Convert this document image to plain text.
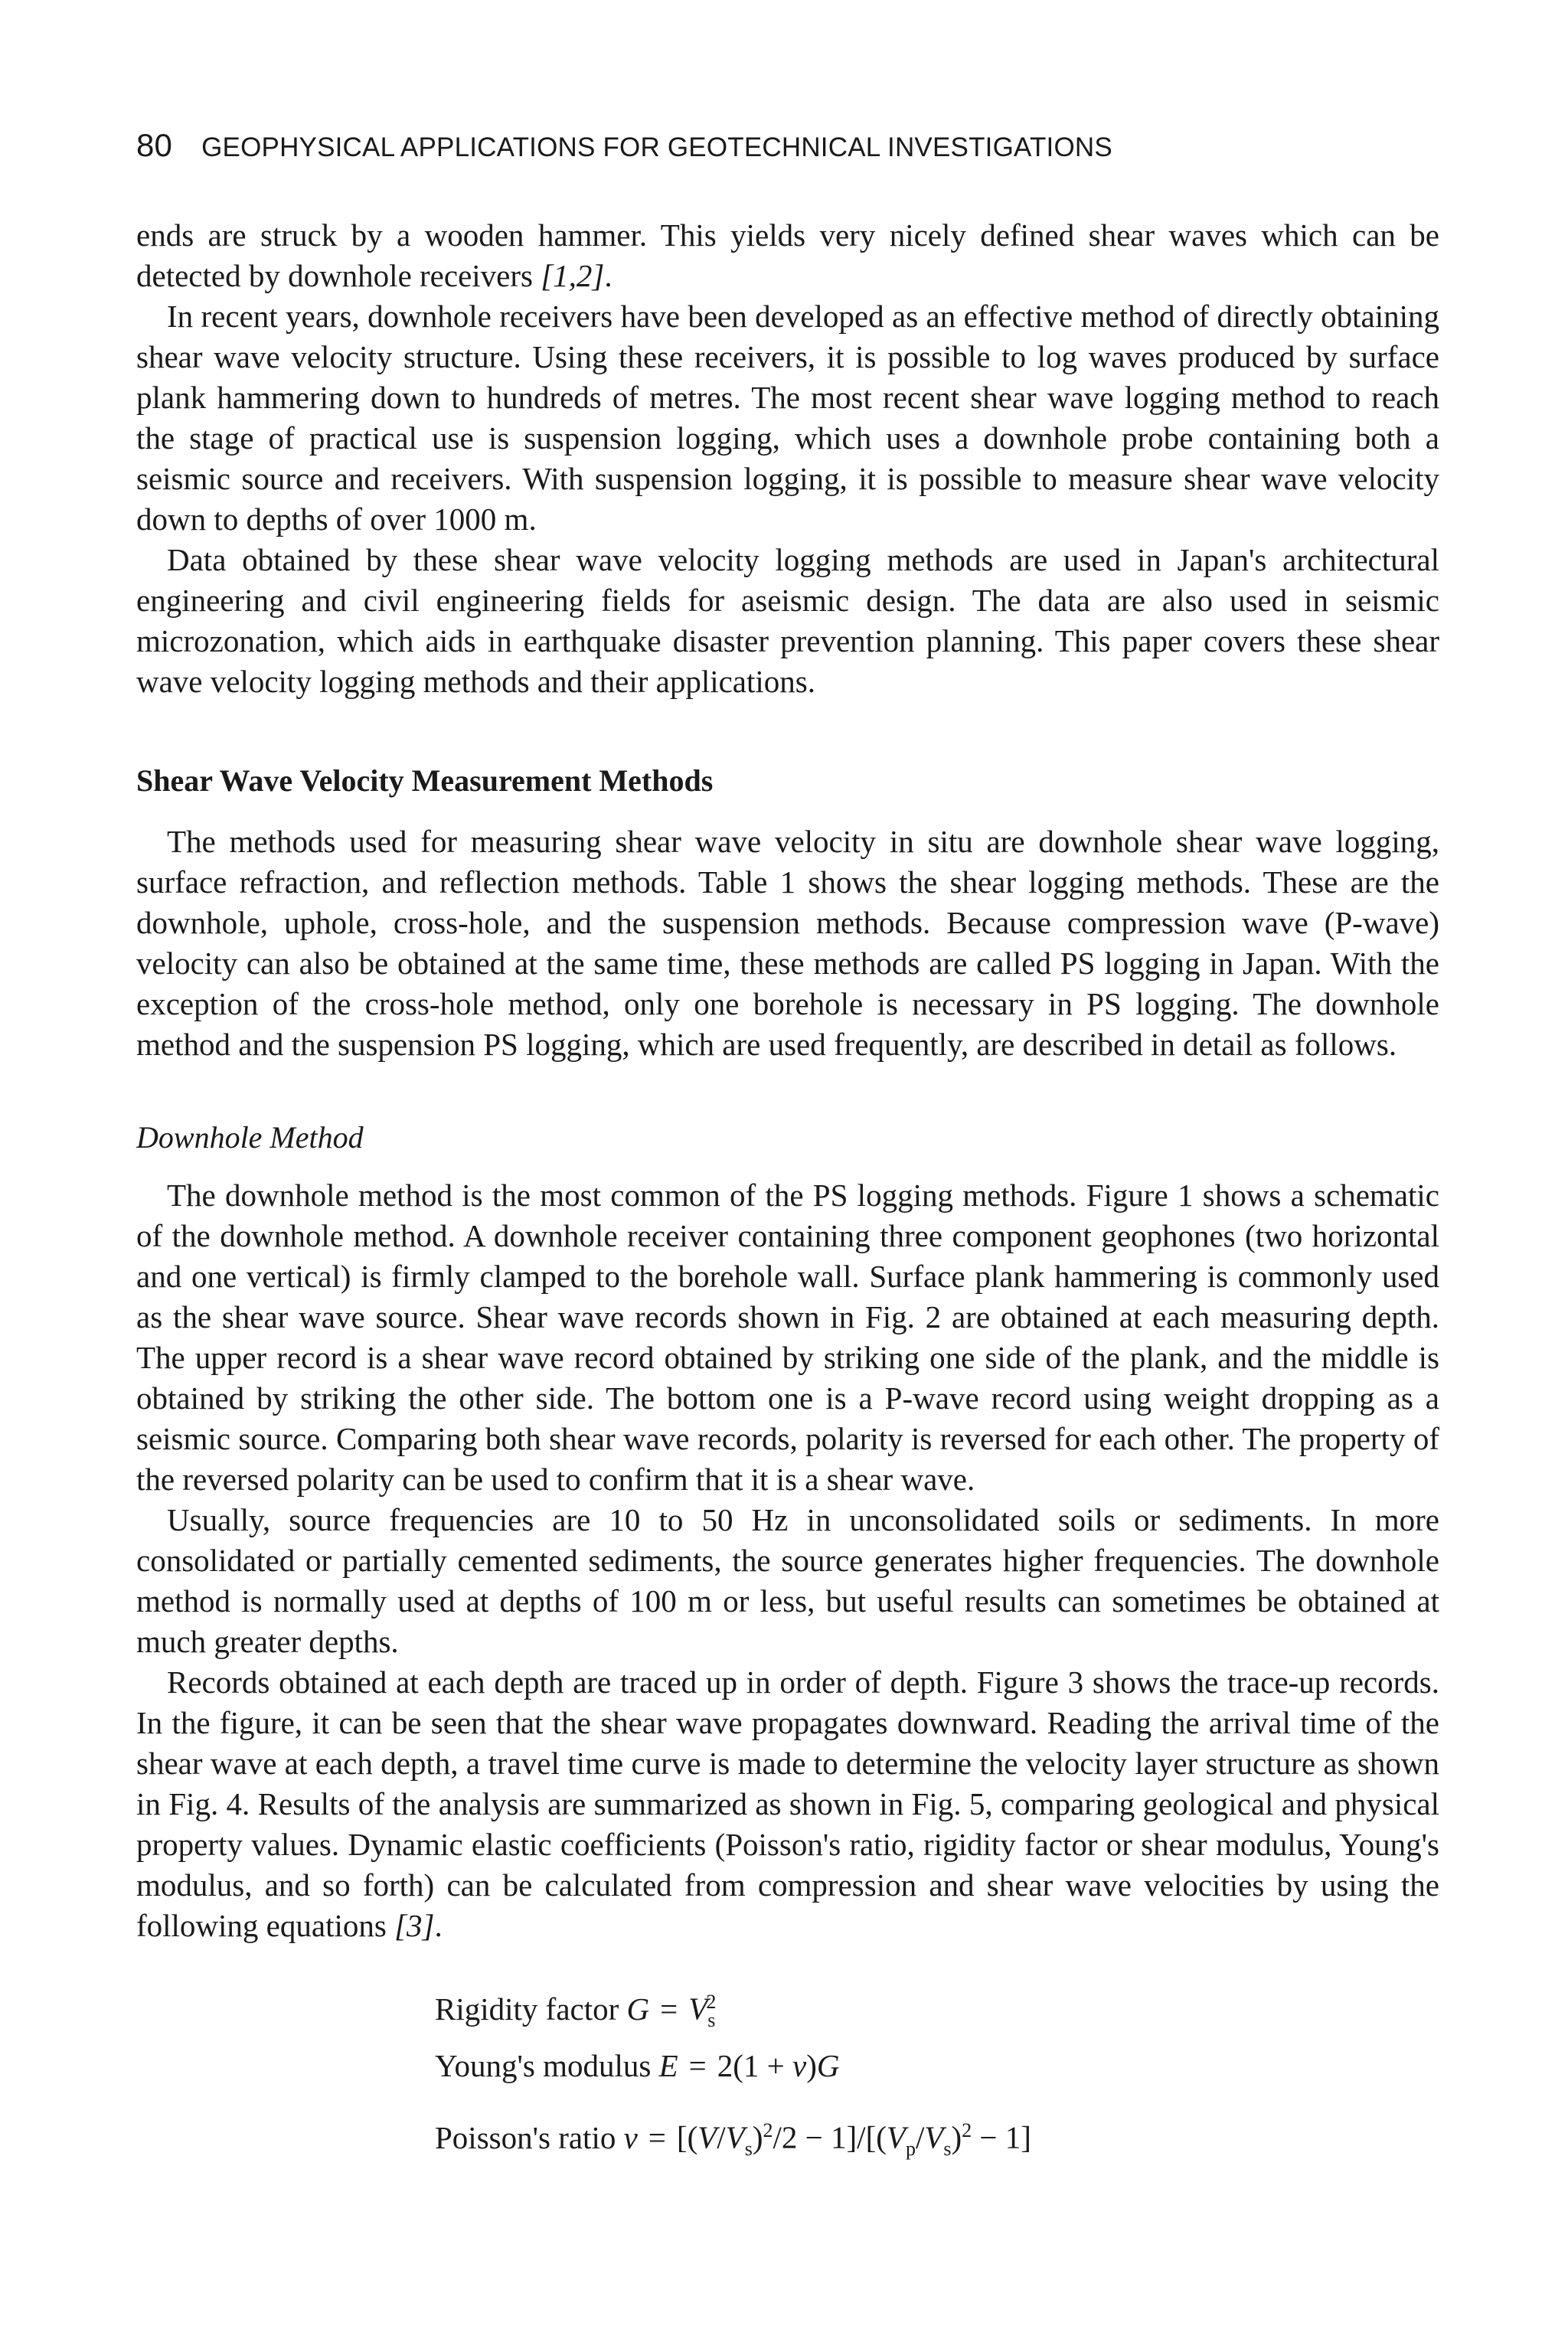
80 GEOPHYSICAL APPLICATIONS FOR GEOTECHNICAL INVESTIGATIONS

ends are struck by a wooden hammer. This yields very nicely defined shear waves which can be detected by downhole receivers [1,2].

In recent years, downhole receivers have been developed as an effective method of directly obtaining shear wave velocity structure. Using these receivers, it is possible to log waves produced by surface plank hammering down to hundreds of metres. The most recent shear wave logging method to reach the stage of practical use is suspension logging, which uses a downhole probe containing both a seismic source and receivers. With suspension logging, it is possible to measure shear wave velocity down to depths of over 1000 m.

Data obtained by these shear wave velocity logging methods are used in Japan's architectural engineering and civil engineering fields for aseismic design. The data are also used in seismic microzonation, which aids in earthquake disaster prevention planning. This paper covers these shear wave velocity logging methods and their applications.

Shear Wave Velocity Measurement Methods

The methods used for measuring shear wave velocity in situ are downhole shear wave logging, surface refraction, and reflection methods. Table 1 shows the shear logging methods. These are the downhole, uphole, cross-hole, and the suspension methods. Because compression wave (P-wave) velocity can also be obtained at the same time, these methods are called PS logging in Japan. With the exception of the cross-hole method, only one borehole is necessary in PS logging. The downhole method and the suspension PS logging, which are used frequently, are described in detail as follows.

Downhole Method

The downhole method is the most common of the PS logging methods. Figure 1 shows a schematic of the downhole method. A downhole receiver containing three component geophones (two horizontal and one vertical) is firmly clamped to the borehole wall. Surface plank hammering is commonly used as the shear wave source. Shear wave records shown in Fig. 2 are obtained at each measuring depth. The upper record is a shear wave record obtained by striking one side of the plank, and the middle is obtained by striking the other side. The bottom one is a P-wave record using weight dropping as a seismic source. Comparing both shear wave records, polarity is reversed for each other. The property of the reversed polarity can be used to confirm that it is a shear wave.

Usually, source frequencies are 10 to 50 Hz in unconsolidated soils or sediments. In more consolidated or partially cemented sediments, the source generates higher frequencies. The downhole method is normally used at depths of 100 m or less, but useful results can sometimes be obtained at much greater depths.

Records obtained at each depth are traced up in order of depth. Figure 3 shows the trace-up records. In the figure, it can be seen that the shear wave propagates downward. Reading the arrival time of the shear wave at each depth, a travel time curve is made to determine the velocity layer structure as shown in Fig. 4. Results of the analysis are summarized as shown in Fig. 5, comparing geological and physical property values. Dynamic elastic coefficients (Poisson's ratio, rigidity factor or shear modulus, Young's modulus, and so forth) can be calculated from compression and shear wave velocities by using the following equations [3].

Rigidity factor $G = V_s^2$
Young's modulus E = 2(1 + ν)G
Poisson's ratio $\nu = [(V/V_s)^2/2 - 1]/[(V_p/V_s)^2 - 1]$
